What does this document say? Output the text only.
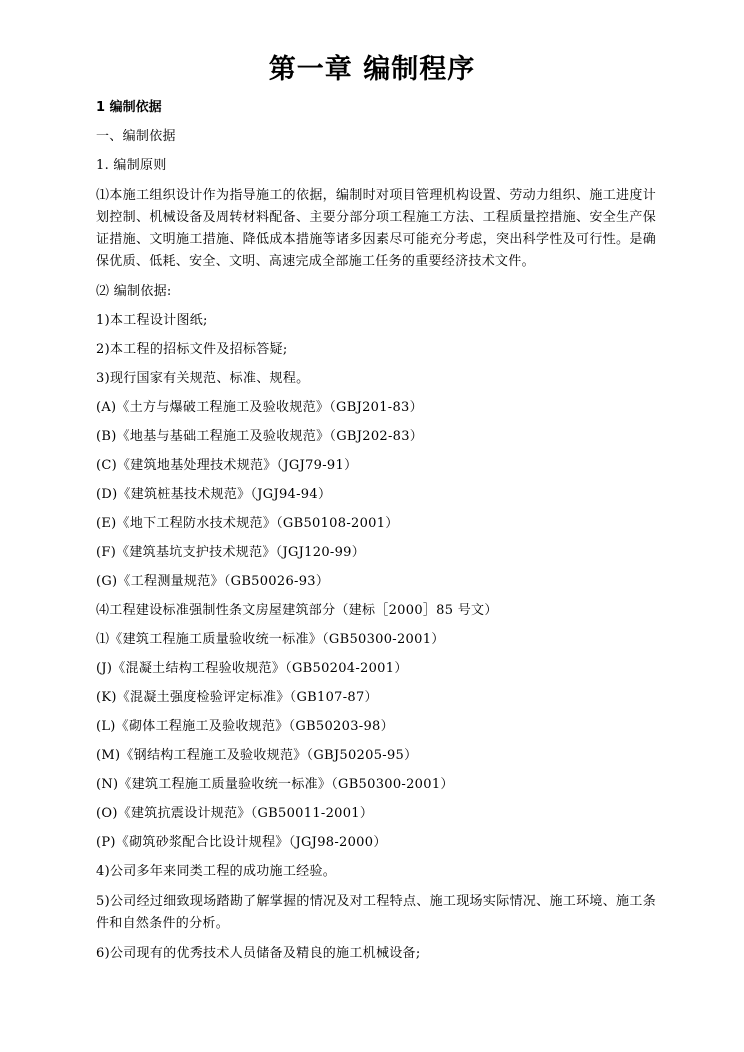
第一章 编制程序
1 编制依据
一、编制依据
1. 编制原则
⑴本施工组织设计作为指导施工的依据，编制时对项目管理机构设置、劳动力组织、施工进度计划控制、机械设备及周转材料配备、主要分部分项工程施工方法、工程质量控措施、安全生产保证措施、文明施工措施、降低成本措施等诸多因素尽可能充分考虑，突出科学性及可行性。是确保优质、低耗、安全、文明、高速完成全部施工任务的重要经济技术文件。
⑵ 编制依据:
1)本工程设计图纸;
2)本工程的招标文件及招标答疑;
3)现行国家有关规范、标准、规程。
(A)《土方与爆破工程施工及验收规范》（GBJ201-83）
(B)《地基与基础工程施工及验收规范》（GBJ202-83）
(C)《建筑地基处理技术规范》（JGJ79-91）
(D)《建筑桩基技术规范》（JGJ94-94）
(E)《地下工程防水技术规范》（GB50108-2001）
(F)《建筑基坑支护技术规范》（JGJ120-99）
(G)《工程测量规范》（GB50026-93）
⑷工程建设标准强制性条文房屋建筑部分（建标［2000］85 号文）
⑴《建筑工程施工质量验收统一标准》（GB50300-2001）
(J)《混凝土结构工程验收规范》（GB50204-2001）
(K)《混凝土强度检验评定标准》（GB107-87）
(L)《砌体工程施工及验收规范》（GB50203-98）
(M)《钢结构工程施工及验收规范》（GBJ50205-95）
(N)《建筑工程施工质量验收统一标准》（GB50300-2001）
(O)《建筑抗震设计规范》（GB50011-2001）
(P)《砌筑砂浆配合比设计规程》（JGJ98-2000）
4)公司多年来同类工程的成功施工经验。
5)公司经过细致现场踏勘了解掌握的情况及对工程特点、施工现场实际情况、施工环境、施工条件和自然条件的分析。
6)公司现有的优秀技术人员储备及精良的施工机械设备;
